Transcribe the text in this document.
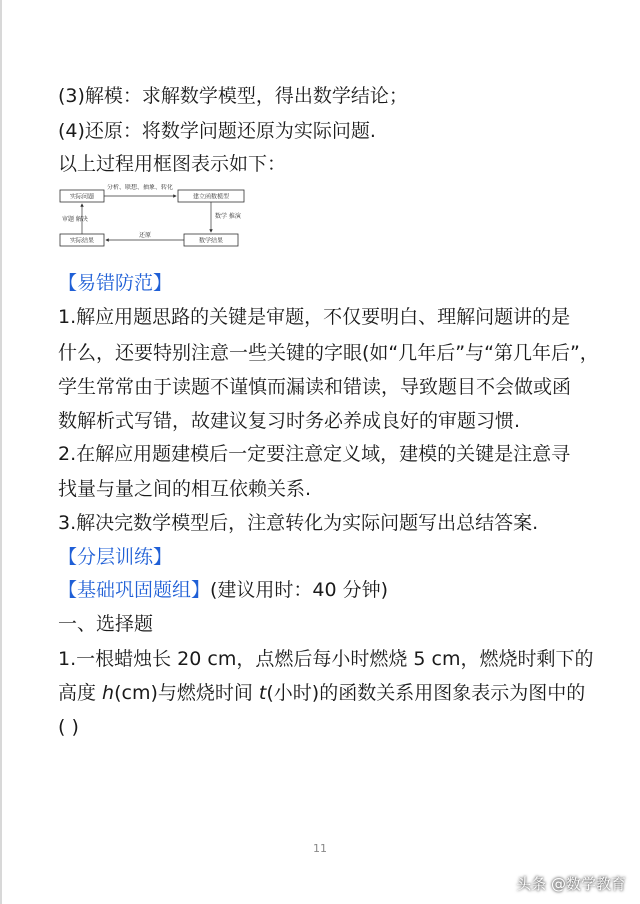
(3)解模：求解数学模型，得出数学结论；
(4)还原：将数学问题还原为实际问题.
以上过程用框图表示如下：
实际问题	建立函数模型
实际结果	数学结果
分析、联想、抽象、转化
数学 推演
还原
审题 解决
【易错防范】
1.解应用题思路的关键是审题，不仅要明白、理解问题讲的是
什么，还要特别注意一些关键的字眼(如“几年后”与“第几年后”，
学生常常由于读题不谨慎而漏读和错读，导致题目不会做或函
数解析式写错，故建议复习时务必养成良好的审题习惯.
2.在解应用题建模后一定要注意定义域，建模的关键是注意寻
找量与量之间的相互依赖关系.
3.解决完数学模型后，注意转化为实际问题写出总结答案.
【分层训练】
【基础巩固题组】(建议用时：40 分钟)
一、选择题
1.一根蜡烛长 20 cm，点燃后每小时燃烧 5 cm，燃烧时剩下的
高度 h(cm)与燃烧时间 t(小时)的函数关系用图象表示为图中的
( )
11
头条 @数学教育
